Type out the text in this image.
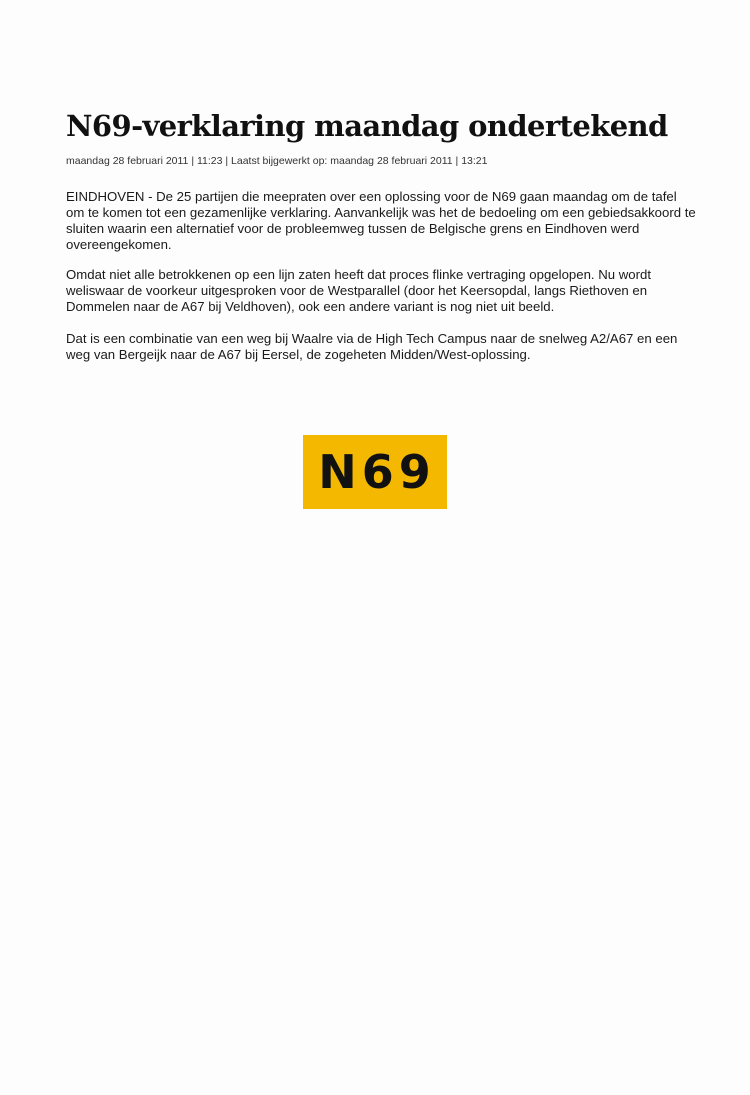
N69-verklaring maandag ondertekend

maandag 28 februari 2011 | 11:23 | Laatst bijgewerkt op: maandag 28 februari 2011 | 13:21

EINDHOVEN - De 25 partijen die meepraten over een oplossing voor de N69 gaan maandag om de tafel om te komen tot een gezamenlijke verklaring. Aanvankelijk was het de bedoeling om een gebiedsakkoord te sluiten waarin een alternatief voor de probleemweg tussen de Belgische grens en Eindhoven werd overeengekomen.

Omdat niet alle betrokkenen op een lijn zaten heeft dat proces flinke vertraging opgelopen. Nu wordt weliswaar de voorkeur uitgesproken voor de Westparallel (door het Keersopdal, langs Riethoven en Dommelen naar de A67 bij Veldhoven), ook een andere variant is nog niet uit beeld.

Dat is een combinatie van een weg bij Waalre via de High Tech Campus naar de snelweg A2/A67 en een weg van Bergeijk naar de A67 bij Eersel, de zogeheten Midden/West-oplossing.

N69
